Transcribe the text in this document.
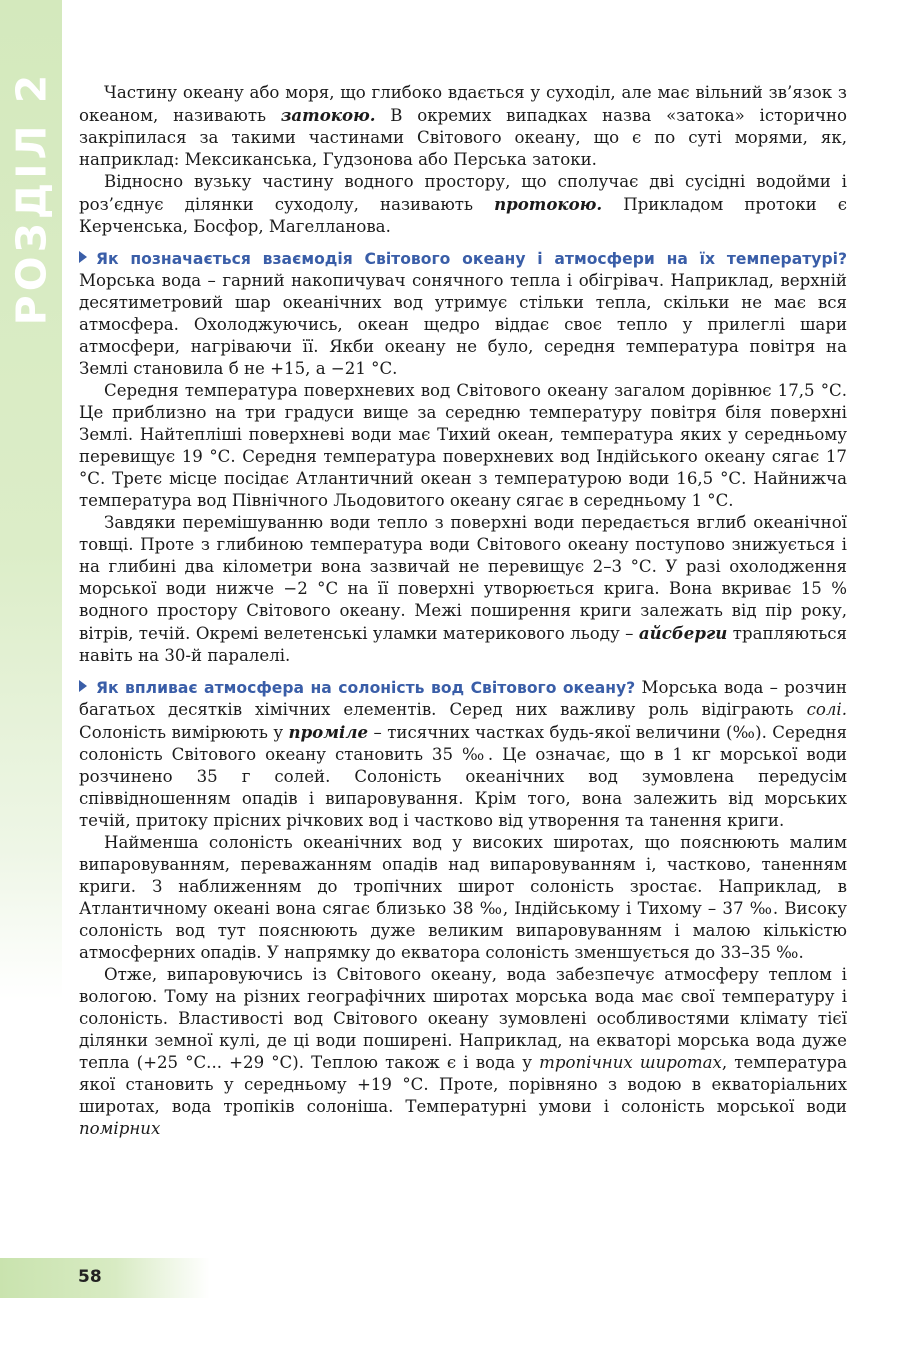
РОЗДІЛ 2	Частину океану або моря, що глибоко вдається у суходіл, але має вільний зв’язок з океаном, називають затокою. В окремих випадках назва «затока» історично закріпилася за такими частинами Світового океану, що є по суті морями, як, наприклад: Мексиканська, Гудзонова або Перська затоки.

Відносно вузьку частину водного простору, що сполучає дві сусідні водойми і роз’єднує ділянки суходолу, називають протокою. Прикладом протоки є Керченська, Босфор, Магелланова.

Як позначається взаємодія Світового океану і атмосфери на їх температурі? Морська вода – гарний накопичувач сонячного тепла і обігрівач. Наприклад, верхній десятиметровий шар океанічних вод утримує стільки тепла, скільки не має вся атмосфера. Охолоджуючись, океан щедро віддає своє тепло у прилеглі шари атмосфери, нагріваючи її. Якби океану не було, середня температура повітря на Землі становила б не +15, а −21 °С.

Середня температура поверхневих вод Світового океану загалом дорівнює 17,5 °С. Це приблизно на три градуси вище за середню температуру повітря біля поверхні Землі. Найтепліші поверхневі води має Тихий океан, температура яких у середньому перевищує 19 °С. Середня температура поверхневих вод Індійського океану сягає 17 °С. Третє місце посідає Атлантичний океан з температурою води 16,5 °С. Найнижча температура вод Північного Льодовитого океану сягає в середньому 1 °С.

Завдяки перемішуванню води тепло з поверхні води передається вглиб океанічної товщі. Проте з глибиною температура води Світового океану поступово знижується і на глибині два кілометри вона зазвичай не перевищує 2–3 °С. У разі охолодження морської води нижче −2 °С на її поверхні утворюється крига. Вона вкриває 15 % водного простору Світового океану. Межі поширення криги залежать від пір року, вітрів, течій. Окремі велетенські уламки материкового льоду – айсберги трапляються навіть на 30-й паралелі.

Як впливає атмосфера на солоність вод Світового океану? Морська вода – розчин багатьох десятків хімічних елементів. Серед них важливу роль відіграють солі. Солоність вимірюють у проміле – тисячних частках будь-якої величини (‰). Середня солоність Світового океану становить 35 ‰. Це означає, що в 1 кг морської води розчинено 35 г солей. Солоність океанічних вод зумовлена передусім співвідношенням опадів і випаровування. Крім того, вона залежить від морських течій, притоку прісних річкових вод і частково від утворення та танення криги.

Найменша солоність океанічних вод у високих широтах, що пояснюють малим випаровуванням, переважанням опадів над випаровуванням і, частково, таненням криги. З наближенням до тропічних широт солоність зростає. Наприклад, в Атлантичному океані вона сягає близько 38 ‰, Індійському і Тихому – 37 ‰. Високу солоність вод тут пояснюють дуже великим випаровуванням і малою кількістю атмосферних опадів. У напрямку до екватора солоність зменшується до 33–35 ‰.

Отже, випаровуючись із Світового океану, вода забезпечує атмосферу теплом і вологою. Тому на різних географічних широтах морська вода має свої температуру і солоність. Властивості вод Світового океану зумовлені особливостями клімату тієї ділянки земної кулі, де ці води поширені. Наприклад, на екваторі морська вода дуже тепла (+25 °С... +29 °С). Теплою також є і вода у тропічних широтах, температура якої становить у середньому +19 °С. Проте, порівняно з водою в екваторіальних широтах, вода тропіків солоніша. Температурні умови і солоність морської води помірних

58
